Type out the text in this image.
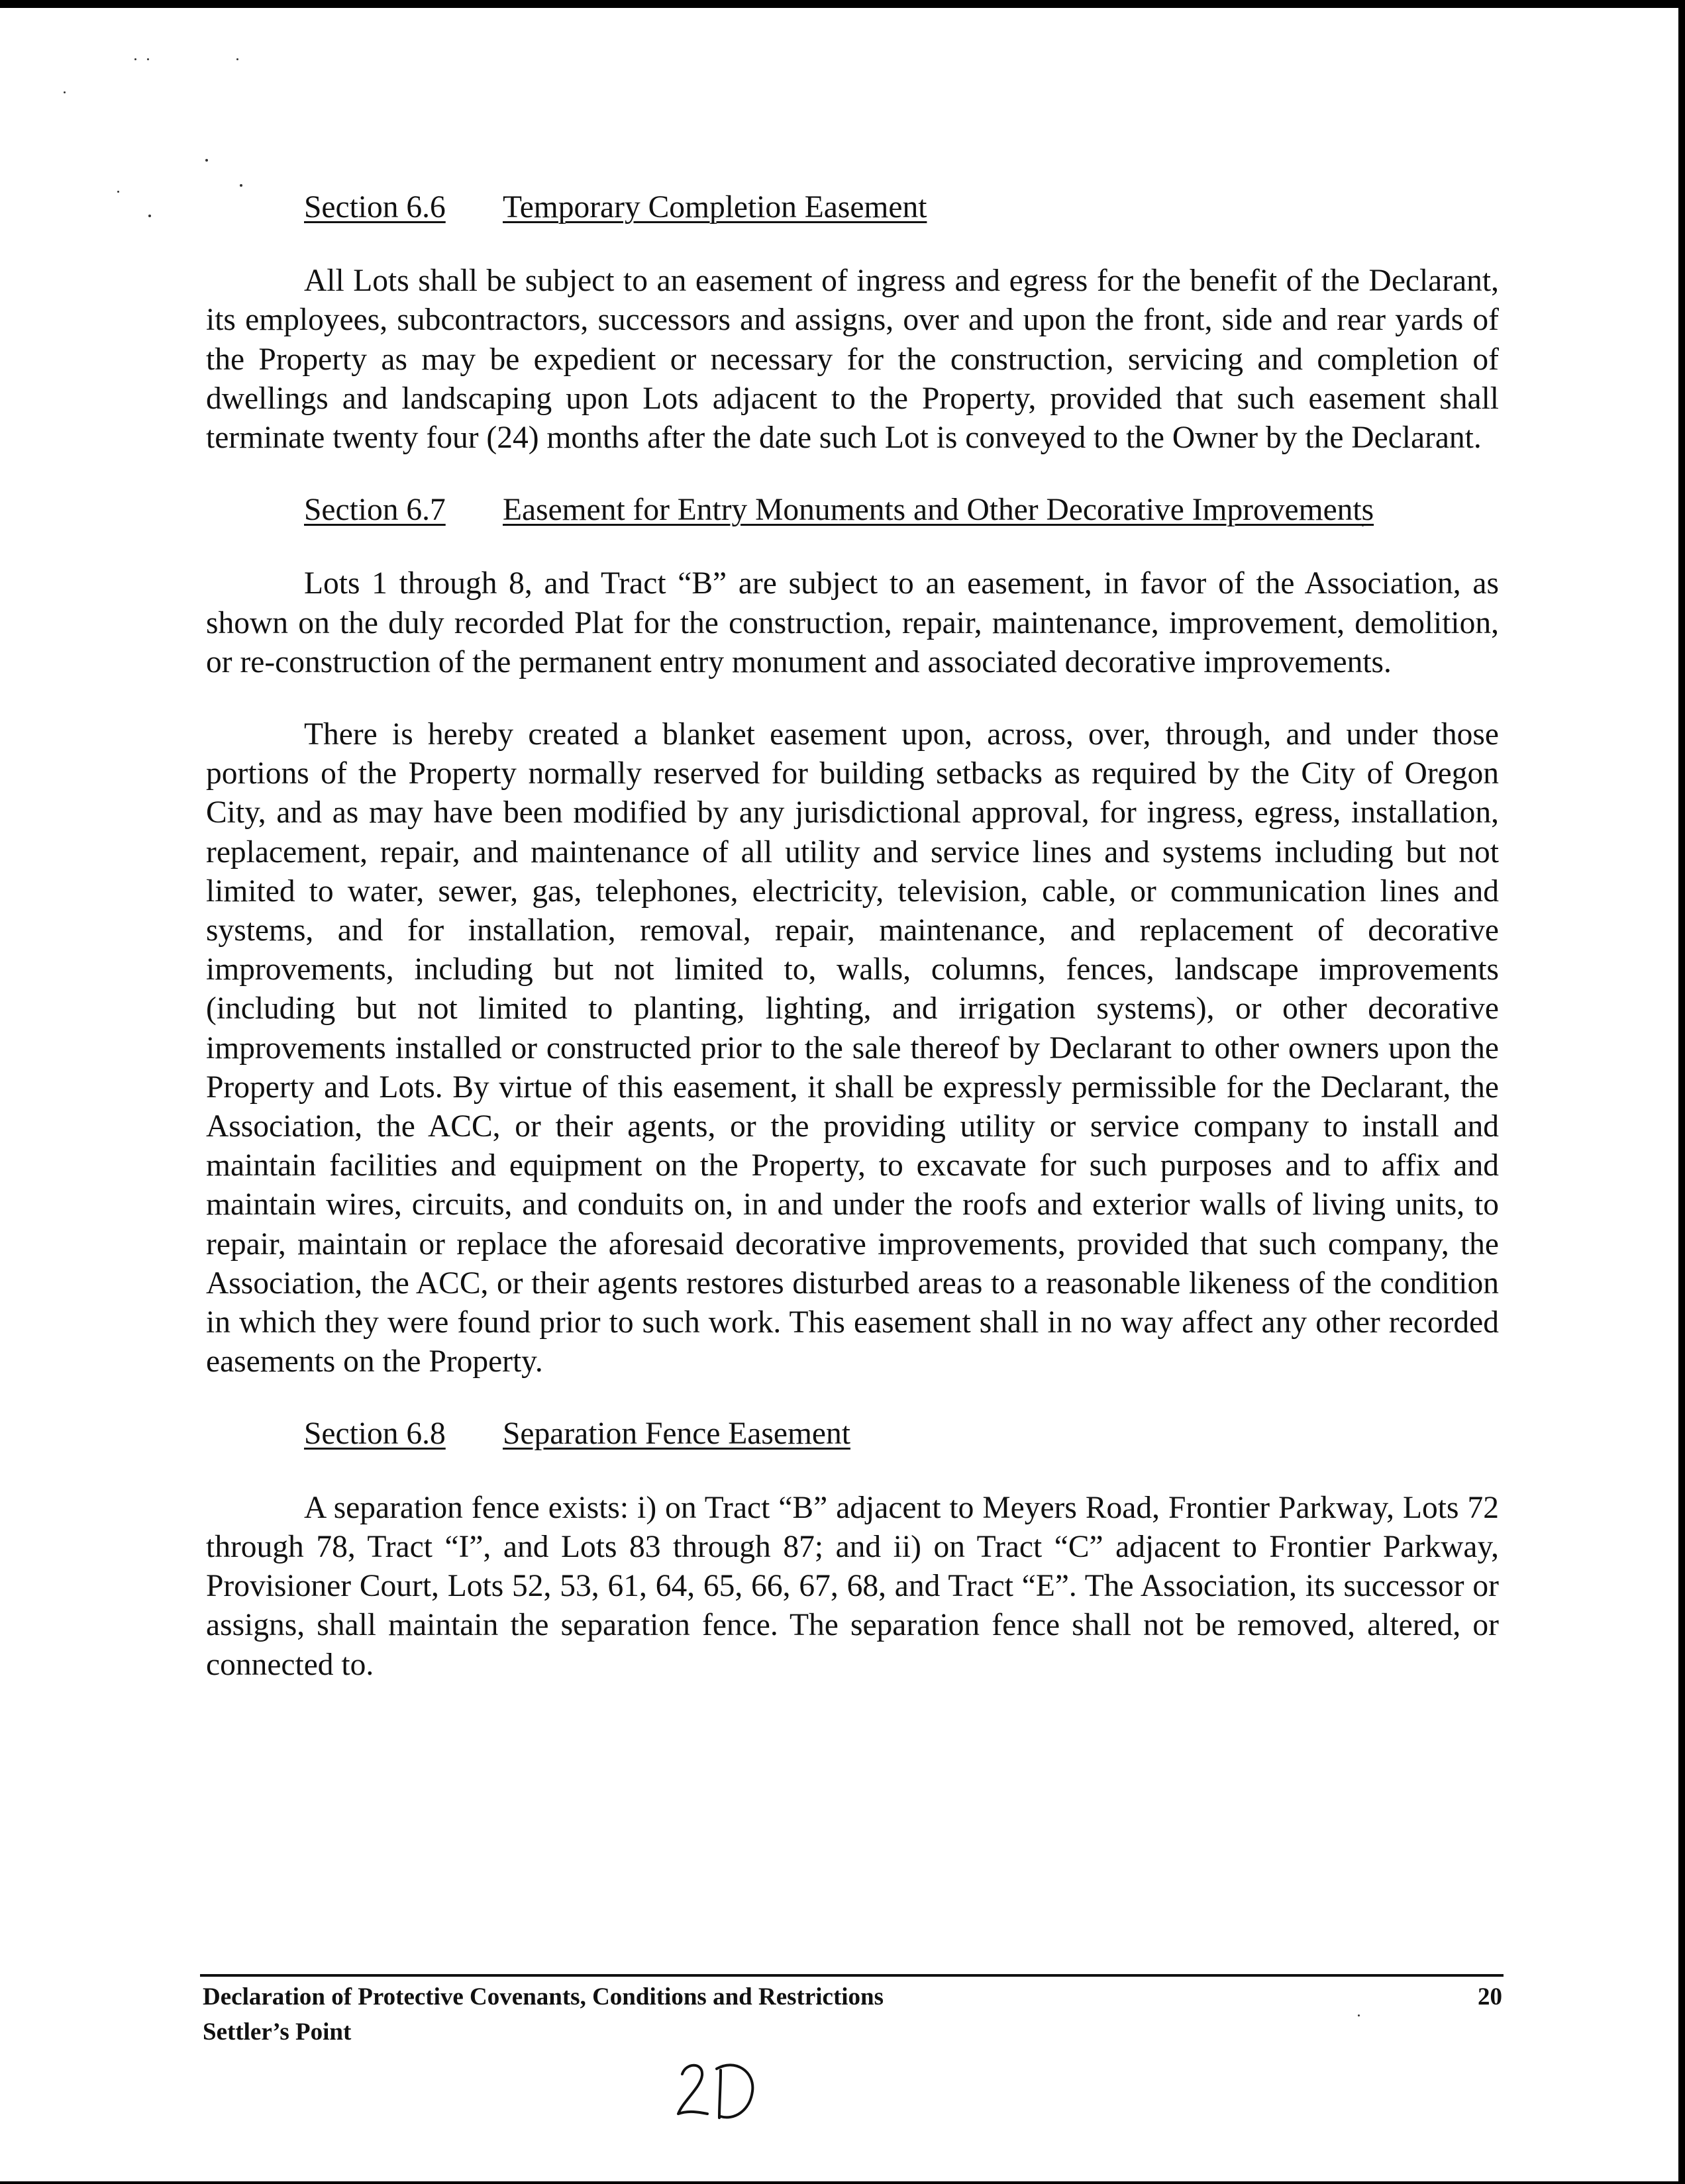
Section 6.6 Temporary Completion Easement

All Lots shall be subject to an easement of ingress and egress for the benefit of the Declarant, its employees, subcontractors, successors and assigns, over and upon the front, side and rear yards of the Property as may be expedient or necessary for the construction, servicing and completion of dwellings and landscaping upon Lots adjacent to the Property, provided that such easement shall terminate twenty four (24) months after the date such Lot is conveyed to the Owner by the Declarant.

Section 6.7 Easement for Entry Monuments and Other Decorative Improvements

Lots 1 through 8, and Tract “B” are subject to an easement, in favor of the Association, as shown on the duly recorded Plat for the construction, repair, maintenance, improvement, demolition, or re-construction of the permanent entry monument and associated decorative improvements.

There is hereby created a blanket easement upon, across, over, through, and under those portions of the Property normally reserved for building setbacks as required by the City of Oregon City, and as may have been modified by any jurisdictional approval, for ingress, egress, installation, replacement, repair, and maintenance of all utility and service lines and systems including but not limited to water, sewer, gas, telephones, electricity, television, cable, or communication lines and systems, and for installation, removal, repair, maintenance, and replacement of decorative improvements, including but not limited to, walls, columns, fences, landscape improvements (including but not limited to planting, lighting, and irrigation systems), or other decorative improvements installed or constructed prior to the sale thereof by Declarant to other owners upon the Property and Lots. By virtue of this easement, it shall be expressly permissible for the Declarant, the Association, the ACC, or their agents, or the providing utility or service company to install and maintain facilities and equipment on the Property, to excavate for such purposes and to affix and maintain wires, circuits, and conduits on, in and under the roofs and exterior walls of living units, to repair, maintain or replace the aforesaid decorative improvements, provided that such company, the Association, the ACC, or their agents restores disturbed areas to a reasonable likeness of the condition in which they were found prior to such work. This easement shall in no way affect any other recorded easements on the Property.

Section 6.8 Separation Fence Easement

A separation fence exists: i) on Tract “B” adjacent to Meyers Road, Frontier Parkway, Lots 72 through 78, Tract “I”, and Lots 83 through 87; and ii) on Tract “C” adjacent to Frontier Parkway, Provisioner Court, Lots 52, 53, 61, 64, 65, 66, 67, 68, and Tract “E”. The Association, its successor or assigns, shall maintain the separation fence. The separation fence shall not be removed, altered, or connected to.

Declaration of Protective Covenants, Conditions and Restrictions
Settler’s Point
20
